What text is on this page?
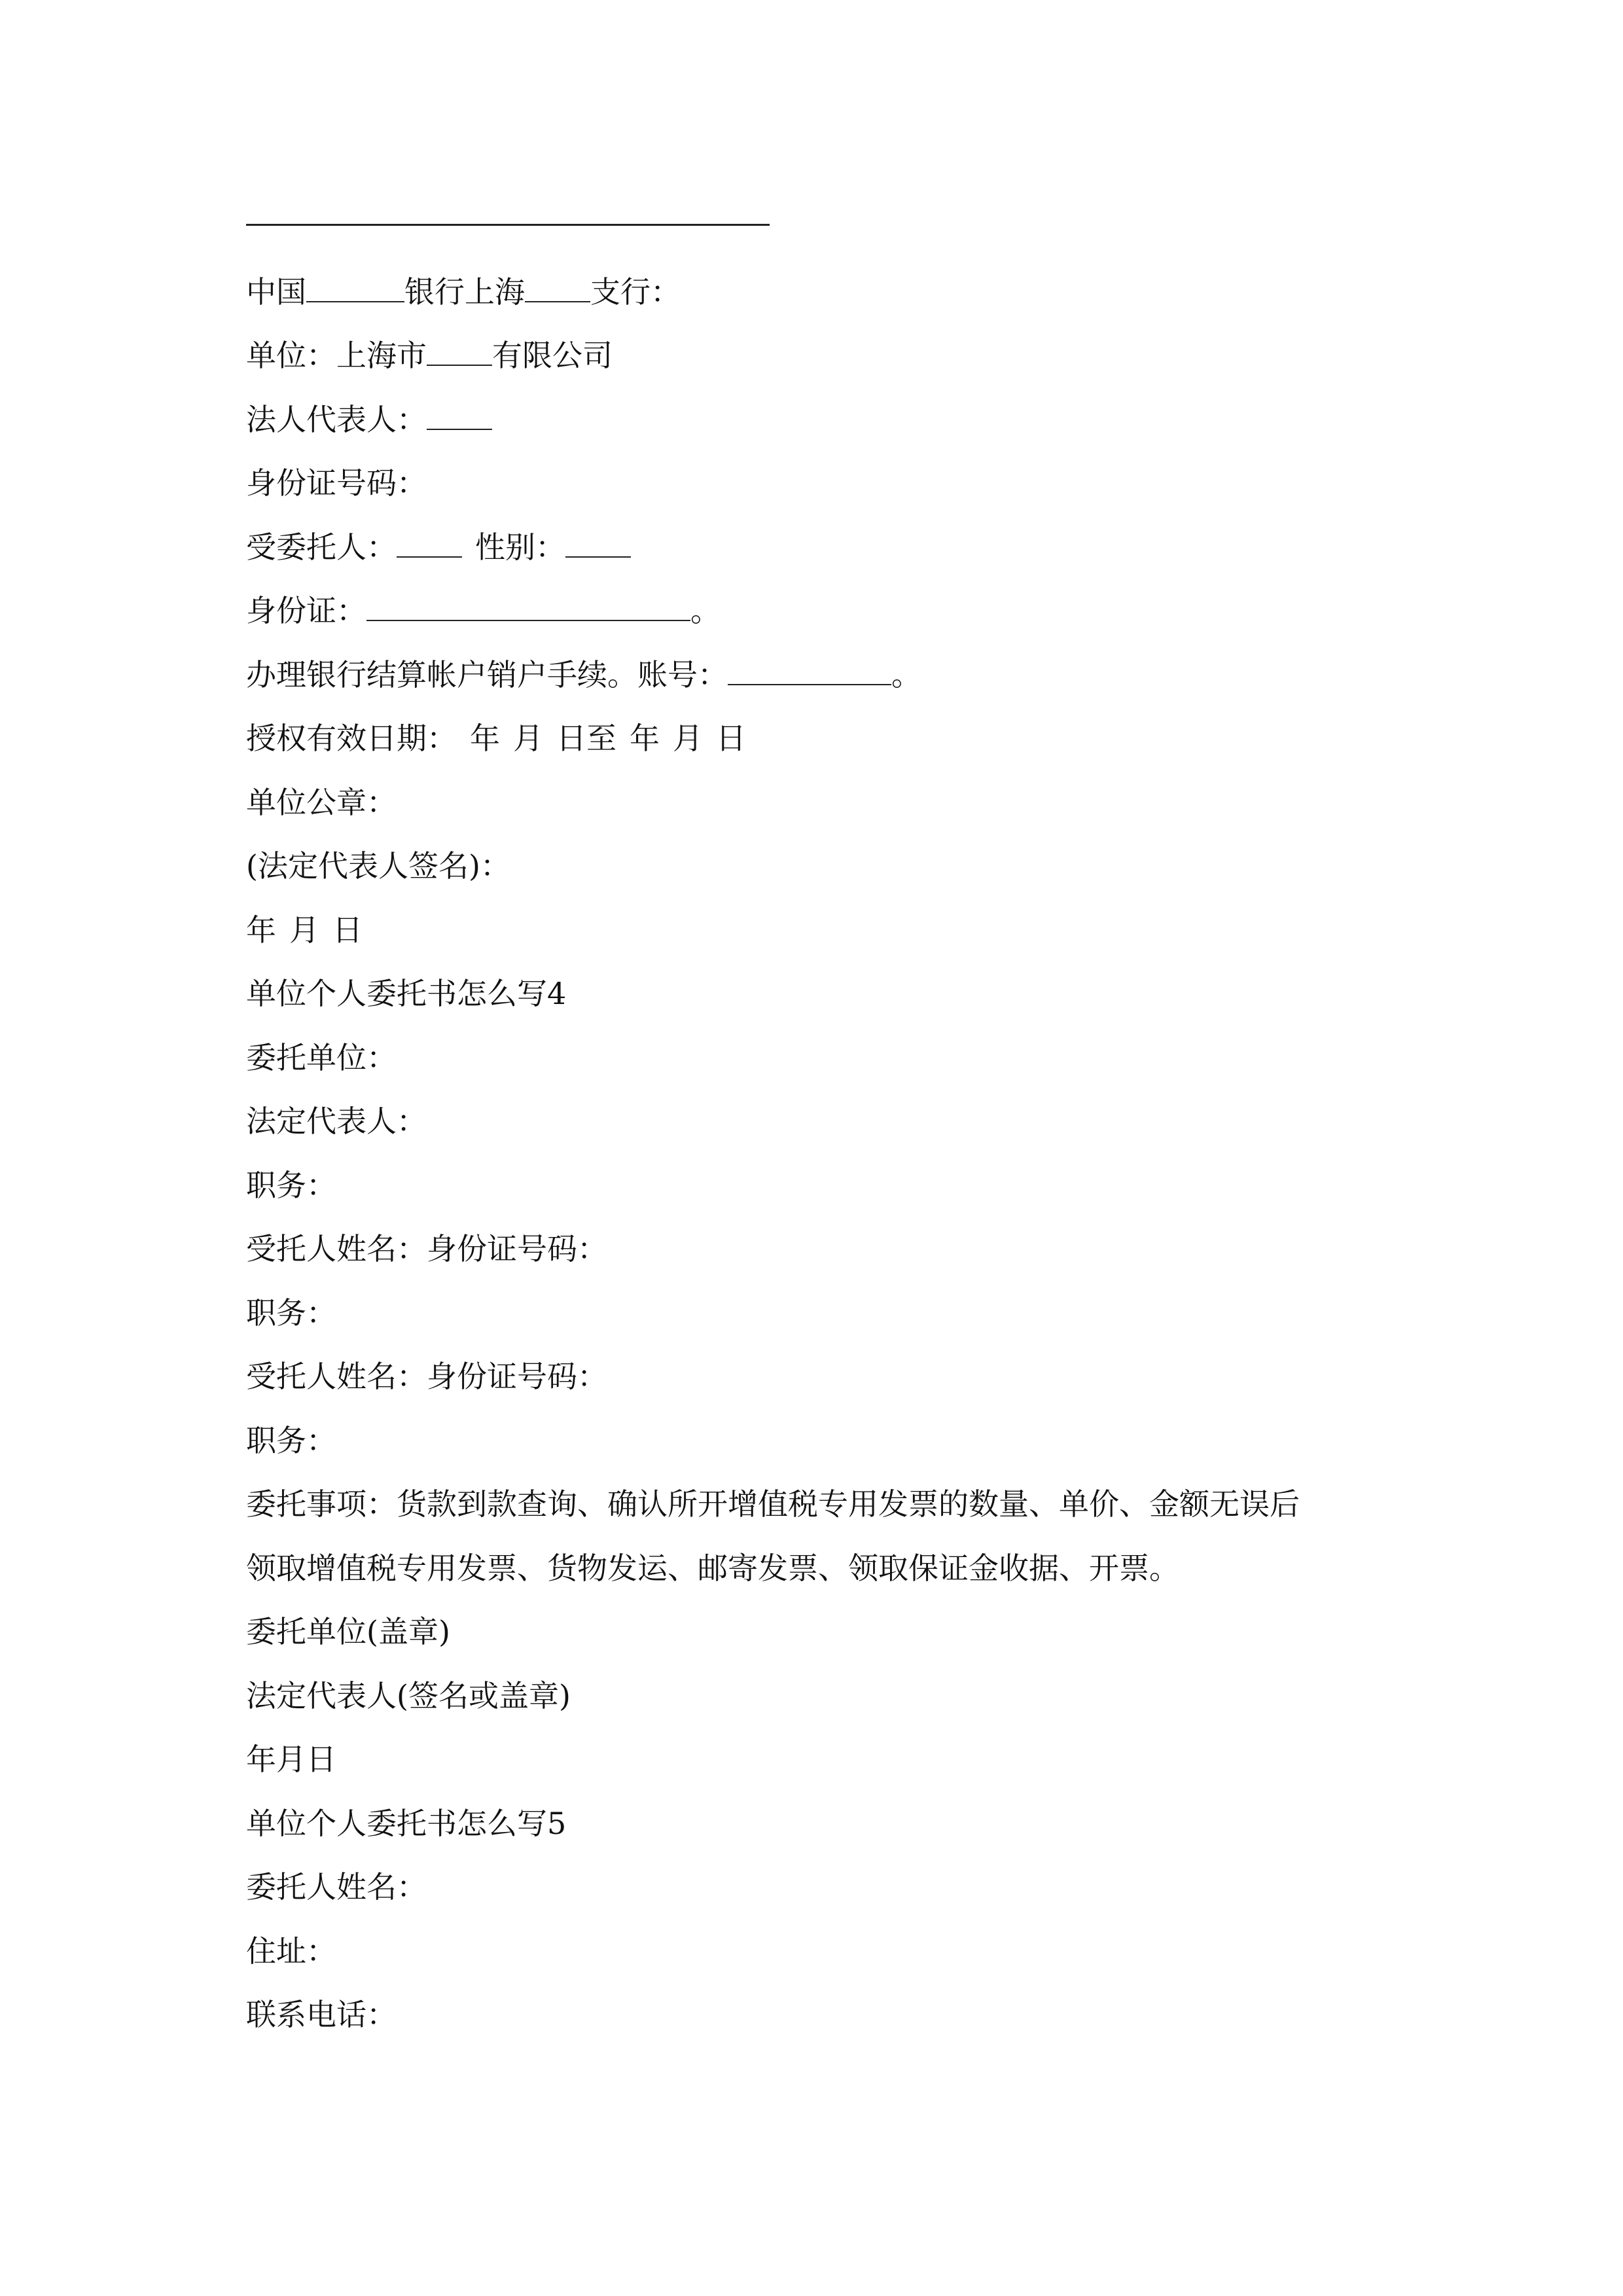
中国	银行上海 支行：
单位：上海市 有限公司
法人代表人：
身份证号码：
受委托人：	性别：
身份证：	。
办理银行结算帐户销户手续。账号：	。
授权有效日期： 年 月 日至 年 月 日
单位公章：
(法定代表人签名)：
年 月 日
单位个人委托书怎么写4
委托单位：
法定代表人：
职务：
受托人姓名：身份证号码：
职务：
受托人姓名：身份证号码：
职务：
委托事项：货款到款查询、确认所开增值税专用发票的数量、单价、金额无误后
领取增值税专用发票、货物发运、邮寄发票、领取保证金收据、开票。
委托单位(盖章)
法定代表人(签名或盖章)
年月日
单位个人委托书怎么写5
委托人姓名：
住址：
联系电话：
